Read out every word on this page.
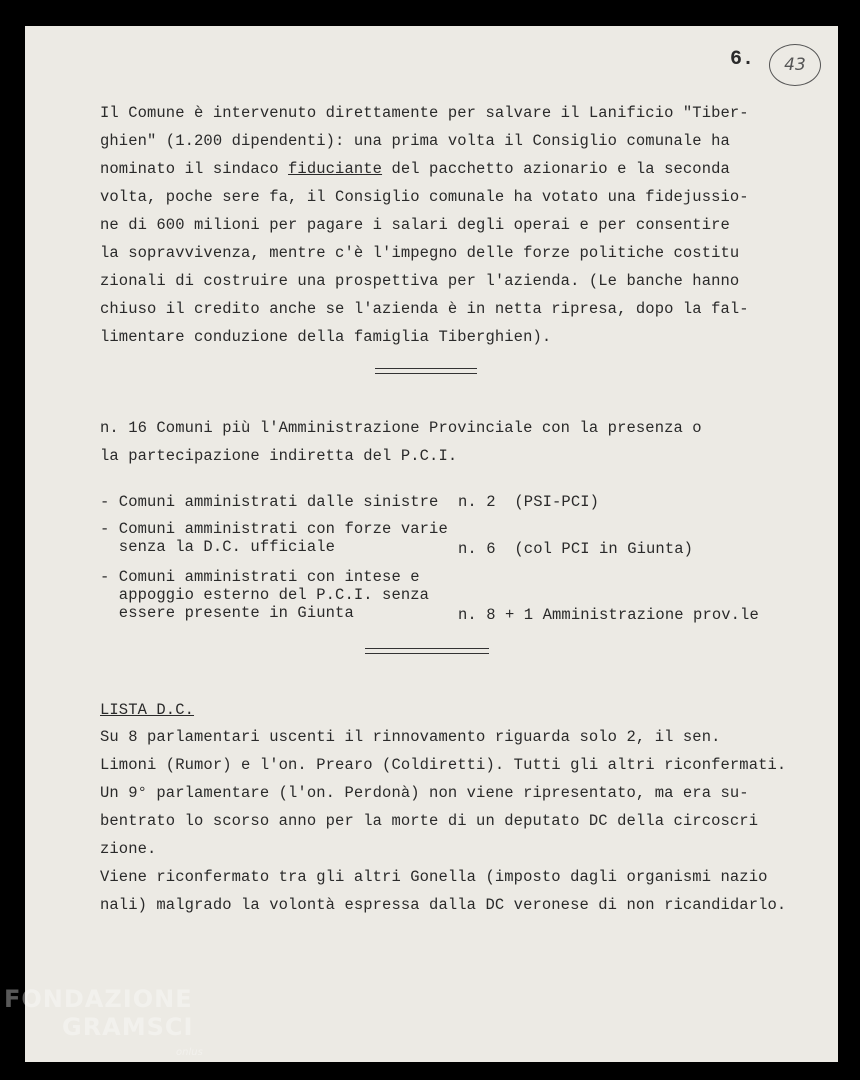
6.	43
Il Comune è intervenuto direttamente per salvare il Lanificio "Tiber-
ghien" (1.200 dipendenti): una prima volta il Consiglio comunale ha
nominato il sindaco fiduciante del pacchetto azionario e la seconda
volta, poche sere fa, il Consiglio comunale ha votato una fidejussio-
ne di 600 milioni per pagare i salari degli operai e per consentire
la sopravvivenza, mentre c'è l'impegno delle forze politiche costitu
zionali di costruire una prospettiva per l'azienda. (Le banche hanno
chiuso il credito anche se l'azienda è in netta ripresa, dopo la fal-
limentare conduzione della famiglia Tiberghien).
n. 16 Comuni più l'Amministrazione Provinciale con la presenza o
la partecipazione indiretta del P.C.I.
- Comuni amministrati dalle sinistre n. 2  (PSI-PCI)
- Comuni amministrati con forze varie
senza la D.C. ufficiale	n. 6  (col PCI in Giunta)
- Comuni amministrati con intese e
appoggio esterno del P.C.I. senza
essere presente in Giunta	n. 8 + 1 Amministrazione prov.le
LISTA D.C.
Su 8 parlamentari uscenti il rinnovamento riguarda solo 2, il sen.
Limoni (Rumor) e l'on. Prearo (Coldiretti). Tutti gli altri riconfermati.
Un 9° parlamentare (l'on. Perdonà) non viene ripresentato, ma era su-
bentrato lo scorso anno per la morte di un deputato DC della circoscri
zione.
Viene riconfermato tra gli altri Gonella (imposto dagli organismi nazio
nali) malgrado la volontà espressa dalla DC veronese di non ricandidarlo.
FONDAZIONE
GRAMSCI
onlus
